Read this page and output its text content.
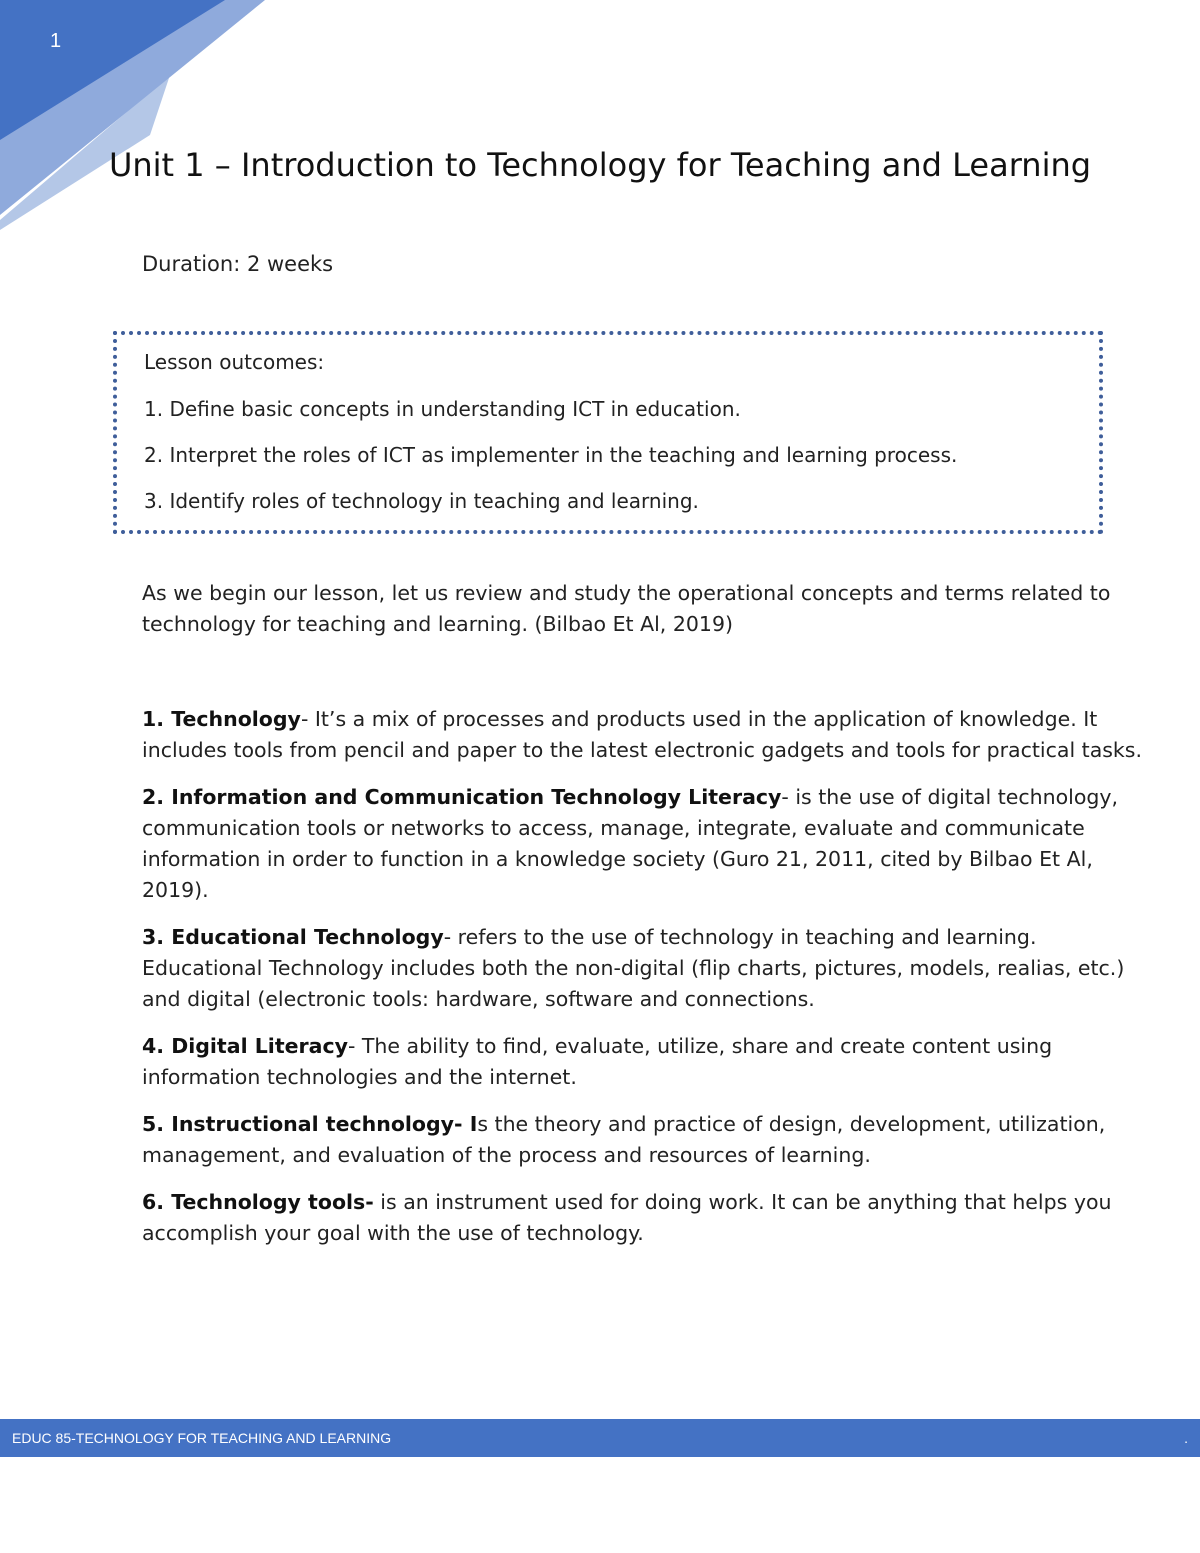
1
Unit 1 – Introduction to Technology for Teaching and Learning
Duration: 2 weeks

Lesson outcomes:

1. Define basic concepts in understanding ICT in education.

2. Interpret the roles of ICT as implementer in the teaching and learning process.

3. Identify roles of technology in teaching and learning.

As we begin our lesson, let us review and study the operational concepts and terms related to technology for teaching and learning. (Bilbao Et Al, 2019)

1. Technology- It’s a mix of processes and products used in the application of knowledge. It includes tools from pencil and paper to the latest electronic gadgets and tools for practical tasks.

2. Information and Communication Technology Literacy- is the use of digital technology, communication tools or networks to access, manage, integrate, evaluate and communicate information in order to function in a knowledge society (Guro 21, 2011, cited by Bilbao Et Al, 2019).

3. Educational Technology- refers to the use of technology in teaching and learning. Educational Technology includes both the non-digital (flip charts, pictures, models, realias, etc.) and digital (electronic tools: hardware, software and connections.

4. Digital Literacy- The ability to find, evaluate, utilize, share and create content using information technologies and the internet.

5. Instructional technology- Is the theory and practice of design, development, utilization, management, and evaluation of the process and resources of learning.

6. Technology tools- is an instrument used for doing work. It can be anything that helps you accomplish your goal with the use of technology.

EDUC 85-TECHNOLOGY FOR TEACHING AND LEARNING	.
